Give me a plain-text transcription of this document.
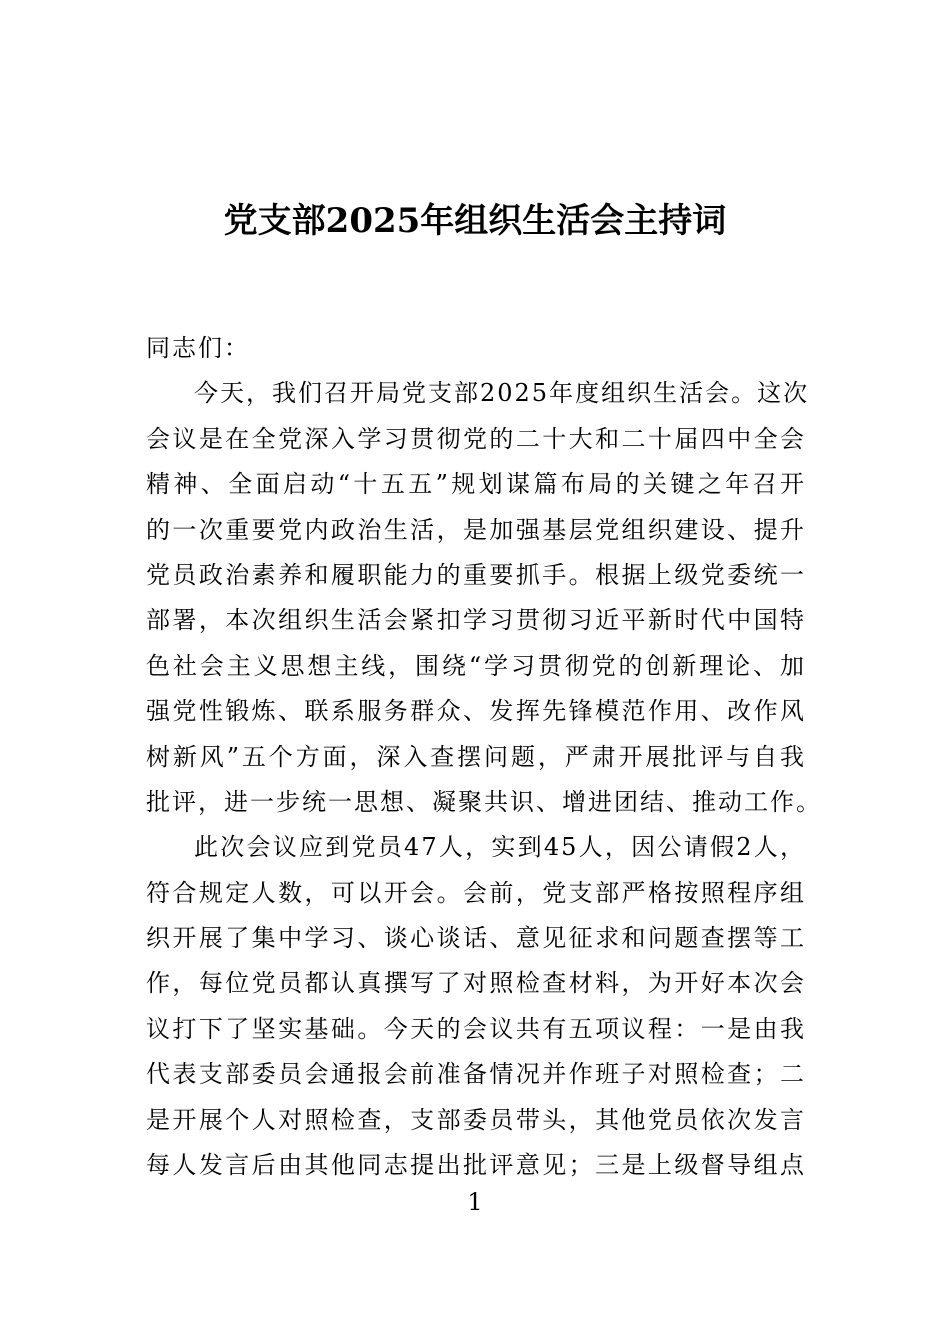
党支部2025年组织生活会主持词
同志们：
今天，我们召开局党支部2025年度组织生活会。这次
会议是在全党深入学习贯彻党的二十大和二十届四中全会
精神、全面启动“十五五”规划谋篇布局的关键之年召开
的一次重要党内政治生活，是加强基层党组织建设、提升
党员政治素养和履职能力的重要抓手。根据上级党委统一
部署，本次组织生活会紧扣学习贯彻习近平新时代中国特
色社会主义思想主线，围绕“学习贯彻党的创新理论、加
强党性锻炼、联系服务群众、发挥先锋模范作用、改作风
树新风”五个方面，深入查摆问题，严肃开展批评与自我
批评，进一步统一思想、凝聚共识、增进团结、推动工作。
此次会议应到党员47人，实到45人，因公请假2人，
符合规定人数，可以开会。会前，党支部严格按照程序组
织开展了集中学习、谈心谈话、意见征求和问题查摆等工
作，每位党员都认真撰写了对照检查材料，为开好本次会
议打下了坚实基础。今天的会议共有五项议程：一是由我
代表支部委员会通报会前准备情况并作班子对照检查；二
是开展个人对照检查，支部委员带头，其他党员依次发言
每人发言后由其他同志提出批评意见；三是上级督导组点
1
